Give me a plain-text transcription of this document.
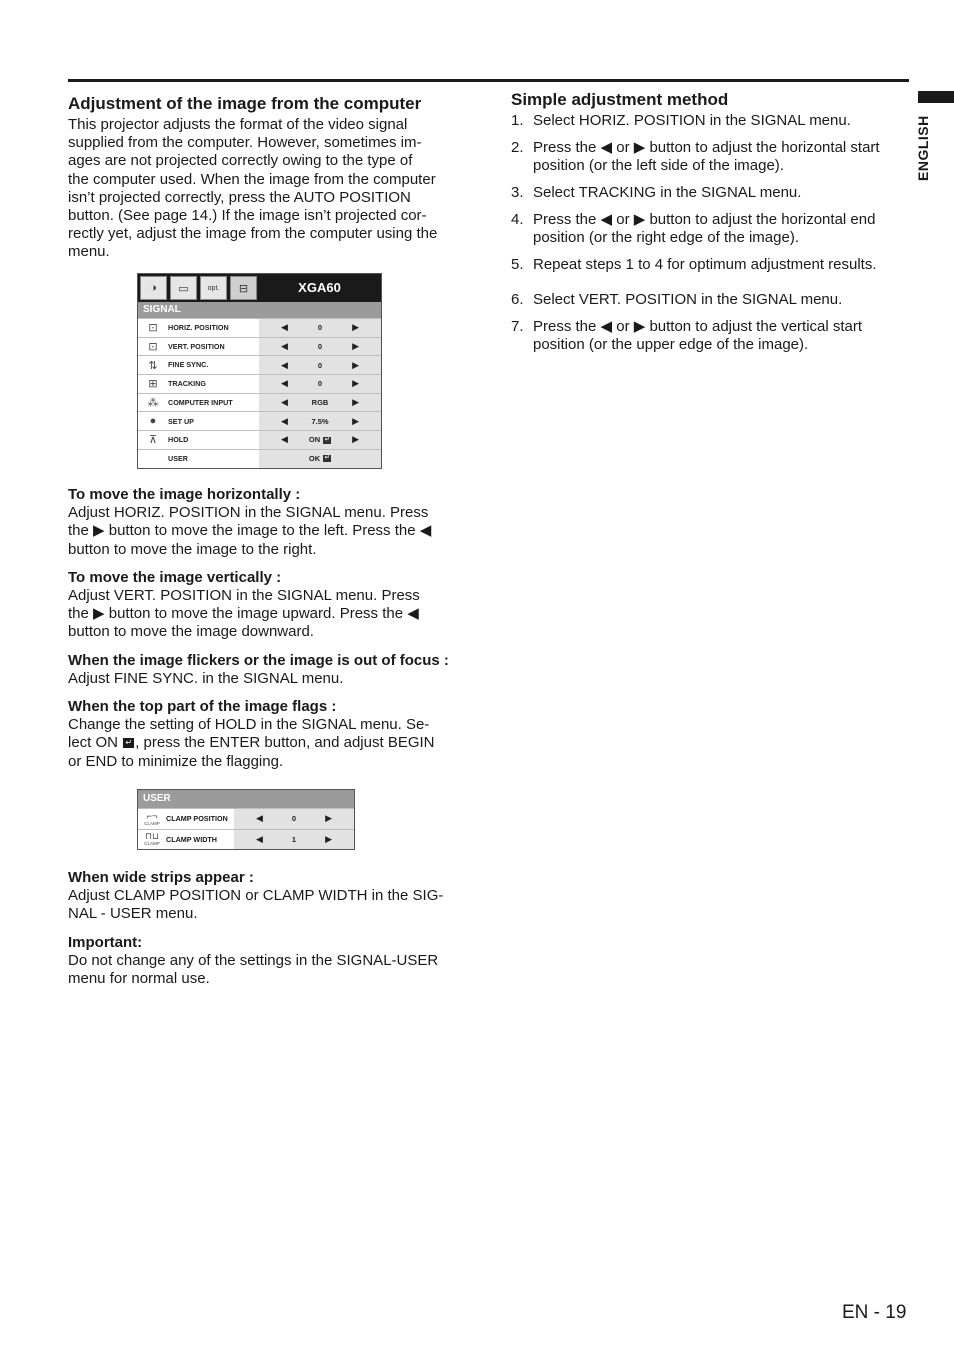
Adjustment of the image from the computer

This projector adjusts the format of the video signal
supplied from the computer. However, sometimes im-
ages are not projected correctly owing to the type of
the computer used. When the image from the computer
isn’t projected correctly, press the AUTO POSITION
button. (See page 14.) If the image isn’t projected cor-
rectly yet, adjust the image from the computer using the
menu.

◑	▭	opt.	⊟	XGA60
SIGNAL
⊡	HORIZ. POSITION	◀	0	▶
⊡	VERT. POSITION	◀	0	▶
⇅	FINE SYNC.	◀	0	▶
⊞	TRACKING	◀	0	▶
⁂	COMPUTER INPUT	◀	RGB	▶
●	SET UP	◀	7.5%	▶
⊼	HOLD	◀	ON ↵ ▶
USER	OK ↵

To move the image horizontally :

Adjust HORIZ. POSITION in the SIGNAL menu. Press
the ▶ button to move the image to the left. Press the ◀
button to move the image to the right.

To move the image vertically :

Adjust VERT. POSITION in the SIGNAL menu. Press
the ▶ button to move the image upward. Press the ◀
button to move the image downward.

When the image flickers or the image is out of focus :

Adjust FINE SYNC. in the SIGNAL menu.

When the top part of the image flags :

Change the setting of HOLD in the SIGNAL menu. Se-
lect ON ↵ , press the ENTER button, and adjust BEGIN
or END to minimize the flagging.

USER
⌐¬
CLAMP
CLAMP POSITION	◀	0	▶
⊓⊔
CLAMP
CLAMP WIDTH	◀	1	▶

When wide strips appear :

Adjust CLAMP POSITION or CLAMP WIDTH in the SIG-
NAL - USER menu.

Important:

Do not change any of the settings in the SIGNAL-USER
menu for normal use.

Simple adjustment method
1. Select HORIZ. POSITION in the SIGNAL menu.
2. Press the ◀ or ▶ button to adjust the horizontal start
position (or the left side of the image).
3. Select TRACKING in the SIGNAL menu.
4. Press the ◀ or ▶ button to adjust the horizontal end
position (or the right edge of the image).
5. Repeat steps 1 to 4 for optimum adjustment results.
6. Select VERT. POSITION in the SIGNAL menu.
7. Press the ◀ or ▶ button to adjust the vertical start
position (or the upper edge of the image).
ENGLISH
EN - 19
